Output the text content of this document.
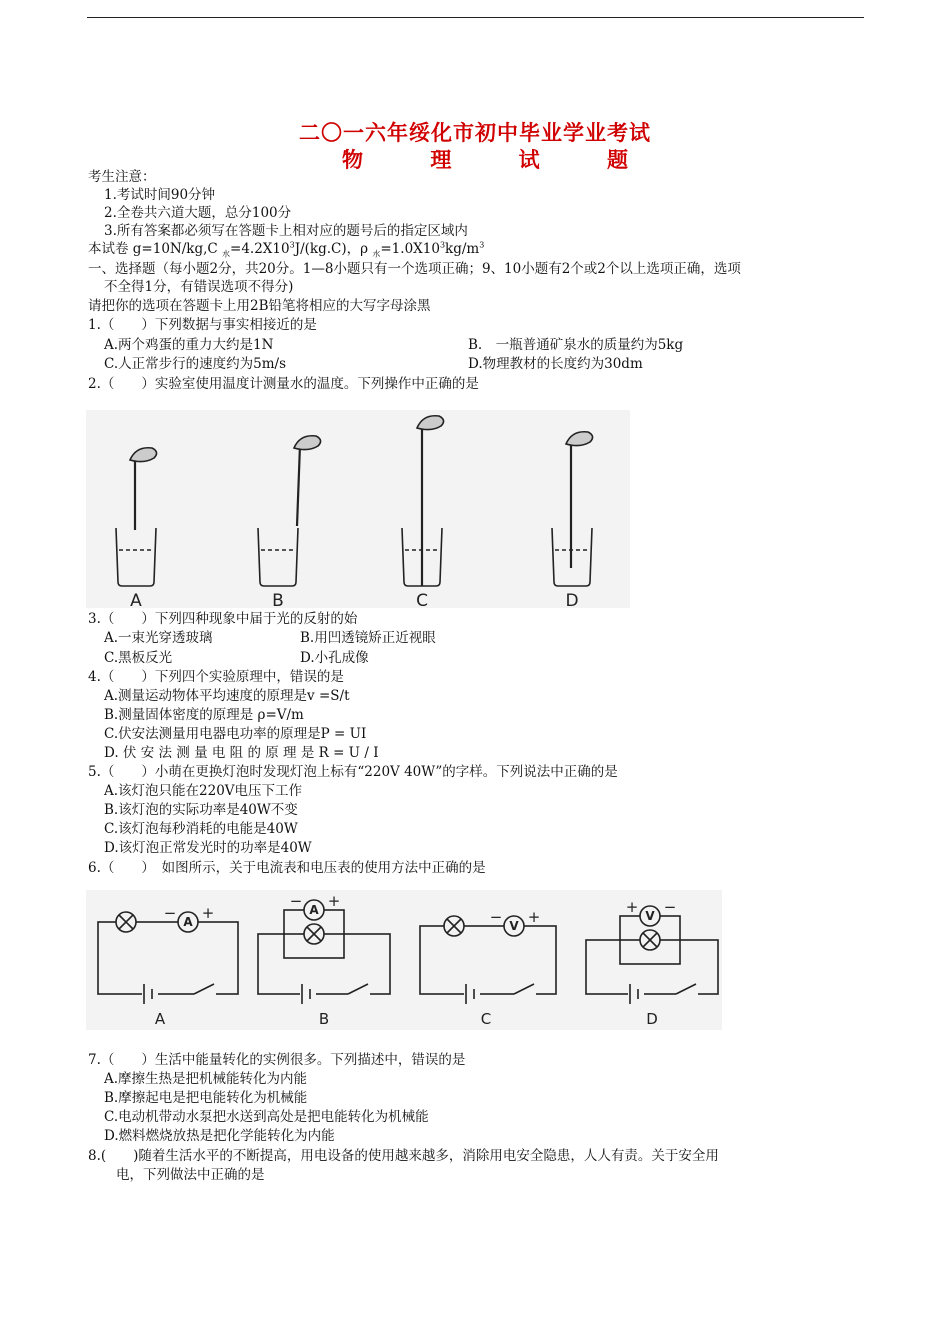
二〇一六年绥化市初中毕业学业考试
物 理 试 题
考生注意：
1.考试时间90分钟
2.全卷共六道大题，总分100分
3.所有答案都必须写在答题卡上相对应的题号后的指定区域内
本试卷 g=10N/kg,C $_水=4.2X10^3J/(kg.C)$，ρ $_水=1.0X10^3kg/m^3$
一、选择题（每小题2分，共20分。1—8小题只有一个选项正确；9、10小题有2个或2个以上选项正确，选项
不全得1分，有错误选项不得分)
请把你的选项在答题卡上用2B铅笔将相应的大写字母涂黑
1.（　　）下列数据与事实相接近的是
A.两个鸡蛋的重力大约是1N	B.　一瓶普通矿泉水的质量约为5kg
C.人正常步行的速度约为5m/s	D.物理教材的长度约为30dm
2.（　　）实验室使用温度计测量水的温度。下列操作中正确的是
A	B	C	D
3.（　　）下列四种现象中届于光的反射的始
A.一束光穿透玻璃	B.用凹透镜矫正近视眼
C.黑板反光	D.小孔成像
4.（　　）下列四个实验原理中，错误的是
A.测量运动物体平均速度的原理是v =S/t
B.测量固体密度的原理是 ρ=V/m
C.伏安法测量用电器电功率的原理是P = UI
D. 伏 安 法 测 量 电 阻 的 原 理 是 R = U / I
5.（　　）小萌在更换灯泡时发现灯泡上标有“220V 40W”的字样。下列说法中正确的是
A.该灯泡只能在220V电压下工作
B.该灯泡的实际功率是40W不变
C.该灯泡每秒消耗的电能是40W
D.该灯泡正常发光时的功率是40W
6.（　　）　如图所示，关于电流表和电压表的使用方法中正确的是
A
A
V
V
− +
− +
− +
+ −
A	B	C	D
7.（　　）生活中能量转化的实例很多。下列描述中，错误的是
A.摩擦生热是把机械能转化为内能
B.摩擦起电是把电能转化为机械能
C.电动机带动水泵把水送到高处是把电能转化为机械能
D.燃料燃烧放热是把化学能转化为内能
8.(　　)随着生活水平的不断提高，用电设备的使用越来越多，消除用电安全隐患，人人有责。关于安全用
电，下列做法中正确的是
